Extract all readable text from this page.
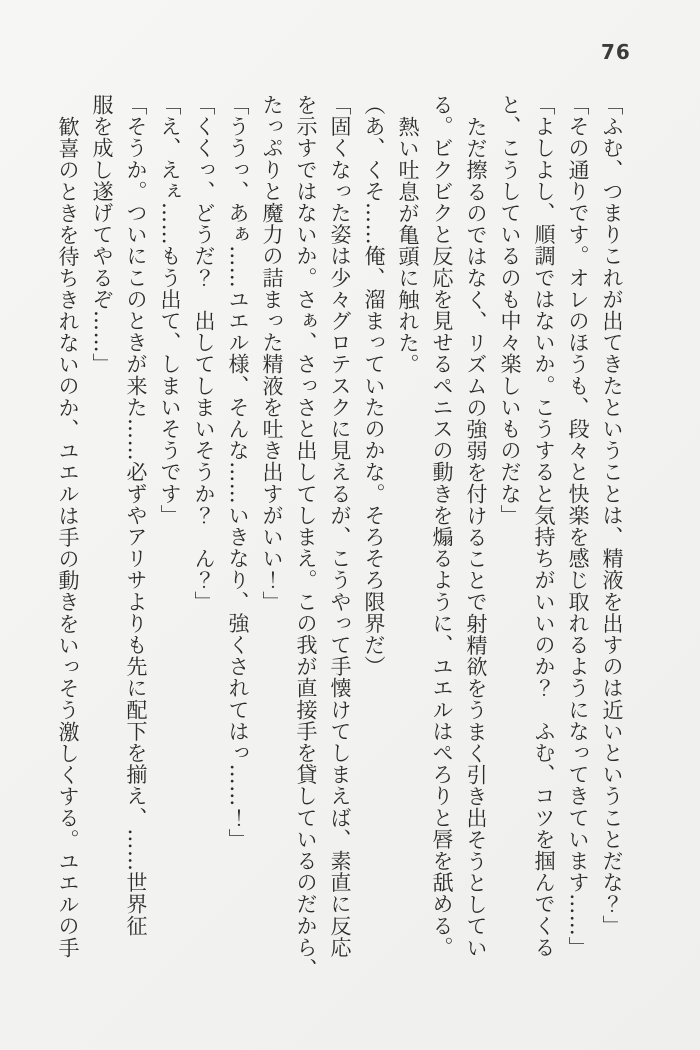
76
「ふむ、つまりこれが出てきたということは、精液を出すのは近いということだな？」
「その通りです。オレのほうも、段々と快楽を感じ取れるようになってきています……」
「よしよし、順調ではないか。こうすると気持ちがいいのか？　ふむ、コツを掴んでくる
と、こうしているのも中々楽しいものだな」
ただ擦るのではなく、リズムの強弱を付けることで射精欲をうまく引き出そうとしてい
る。ビクビクと反応を見せるペニスの動きを煽るように、ユエルはぺろりと唇を舐める。
熱い吐息が亀頭に触れた。
（あ、くそ……俺、溜まっていたのかな。そろそろ限界だ）
「固くなった姿は少々グロテスクに見えるが、こうやって手懐けてしまえば、素直に反応
を示すではないか。さぁ、さっさと出してしまえ。この我が直接手を貸しているのだから、
たっぷりと魔力の詰まった精液を吐き出すがいい！」
「ううっ、あぁ……ユエル様、そんな……いきなり、強くされてはっ……！」
「くくっ、どうだ？　出してしまいそうか？　ん？」
「え、えぇ……もう出て、しまいそうです」
「そうか。ついにこのときが来た……必ずやアリサよりも先に配下を揃え、……世界征
服を成し遂げてやるぞ……」
歓喜のときを待ちきれないのか、ユエルは手の動きをいっそう激しくする。ユエルの手
